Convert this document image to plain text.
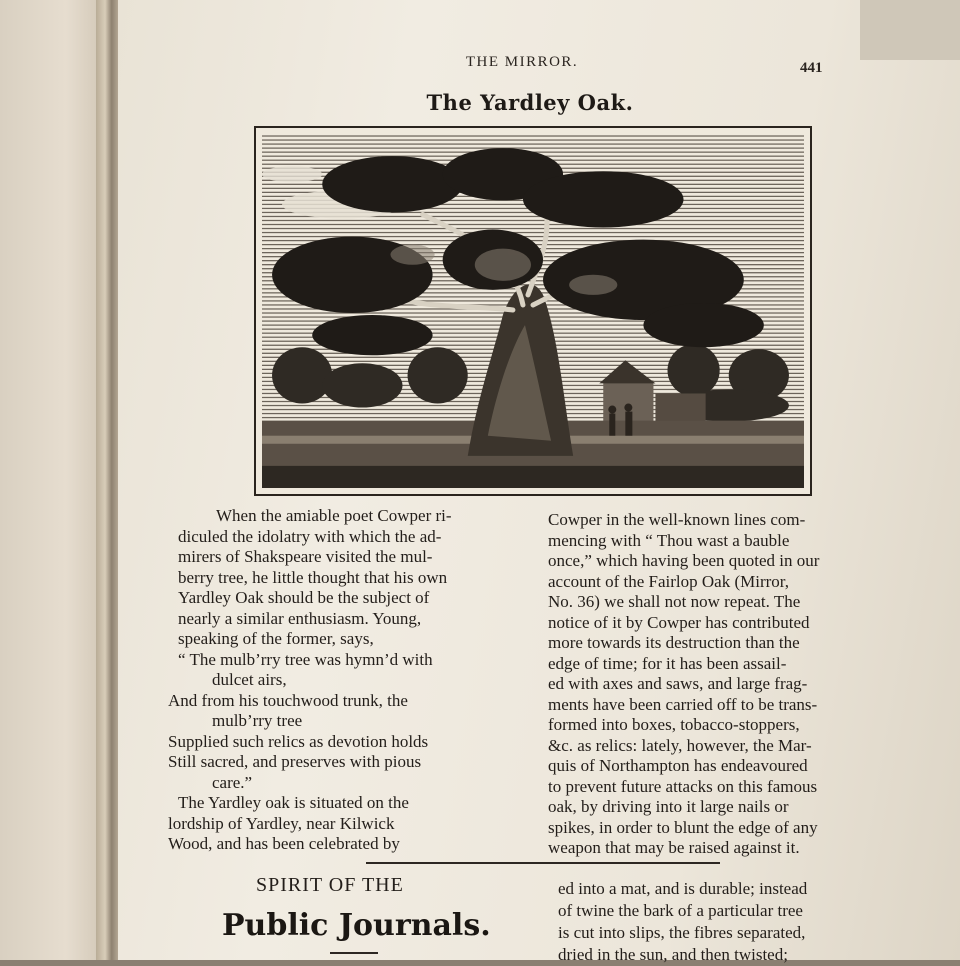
THE MIRROR.	441
The Yardley Oak.
When the amiable poet Cowper ri-
diculed the idolatry with which the ad-
mirers of Shakspeare visited the mul-
berry tree, he little thought that his own
Yardley Oak should be the subject of
nearly a similar enthusiasm. Young,
speaking of the former, says,
“ The mulb’rry tree was hymn’d with
dulcet airs,
And from his touchwood trunk, the
mulb’rry tree
Supplied such relics as devotion holds
Still sacred, and preserves with pious
care.”
The Yardley oak is situated on the
lordship of Yardley, near Kilwick
Wood, and has been celebrated by
Cowper in the well-known lines com-
mencing with “ Thou wast a bauble
once,” which having been quoted in our
account of the Fairlop Oak (Mirror,
No. 36) we shall not now repeat. The
notice of it by Cowper has contributed
more towards its destruction than the
edge of time; for it has been assail-
ed with axes and saws, and large frag-
ments have been carried off to be trans-
formed into boxes, tobacco-stoppers,
&c. as relics: lately, however, the Mar-
quis of Northampton has endeavoured
to prevent future attacks on this famous
oak, by driving into it large nails or
spikes, in order to blunt the edge of any
weapon that may be raised against it.
SPIRIT OF THE
Public Journals.
ed into a mat, and is durable; instead
of twine the bark of a particular tree
is cut into slips, the fibres separated,
dried in the sun, and then twisted;
